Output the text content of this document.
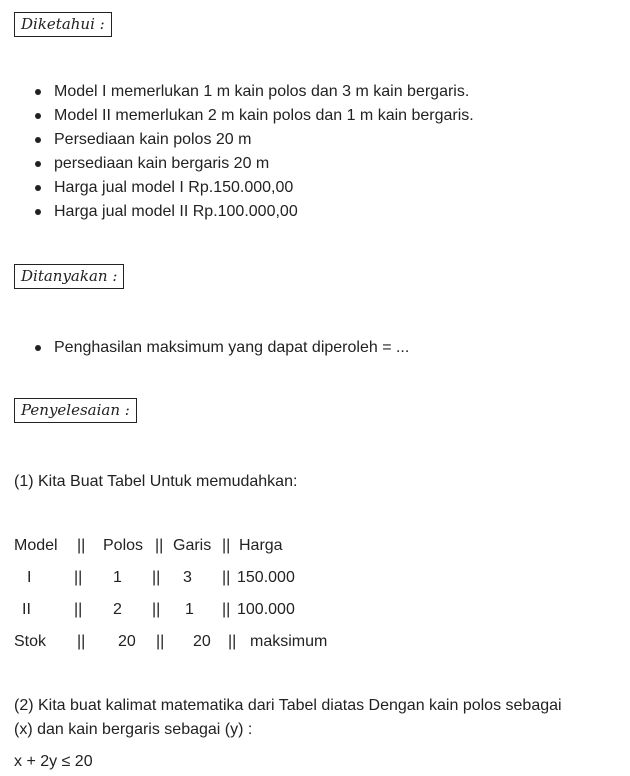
Diketahui :
Model I memerlukan 1 m kain polos dan 3 m kain bergaris.
Model II memerlukan 2 m kain polos dan 1 m kain bergaris.
Persediaan kain polos 20 m
persediaan kain bergaris 20 m
Harga jual model I Rp.150.000,00
Harga jual model II Rp.100.000,00
Ditanyakan :
Penghasilan maksimum yang dapat diperoleh = ...
Penyelesaian :
(1) Kita Buat Tabel Untuk memudahkan:
Model || Polos || Garis || Harga
I	|| 1 || 3 || 150.000
II	|| 2 || 1 || 100.000
Stok || 20 || 20 || maksimum
(2) Kita buat kalimat matematika dari Tabel diatas Dengan kain polos sebagai
(x) dan kain bergaris sebagai (y) :
x + 2y ≤ 20
